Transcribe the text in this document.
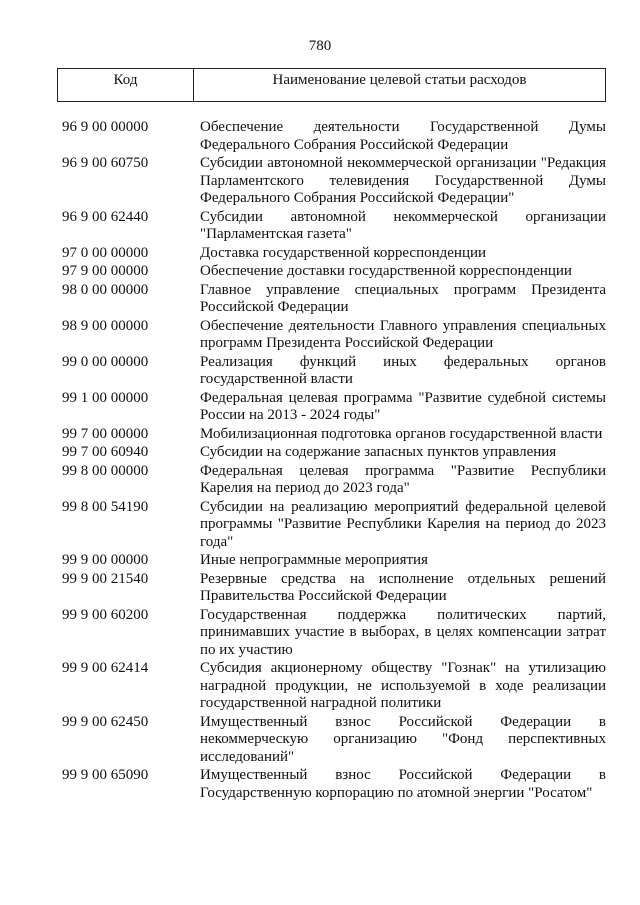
780
Код	Наименование целевой статьи расходов
96 9 00 00000	Обеспечение деятельности Государственной Думы Федерального Собрания Российской Федерации
96 9 00 60750	Субсидии автономной некоммерческой организации "Редакция Парламентского телевидения Государственной Думы Федерального Собрания Российской Федерации"
96 9 00 62440	Субсидии автономной некоммерческой организации "Парламентская газета"
97 0 00 00000	Доставка государственной корреспонденции
97 9 00 00000	Обеспечение доставки государственной корреспонденции
98 0 00 00000	Главное управление специальных программ Президента Российской Федерации
98 9 00 00000	Обеспечение деятельности Главного управления специальных программ Президента Российской Федерации
99 0 00 00000	Реализация функций иных федеральных органов государственной власти
99 1 00 00000	Федеральная целевая программа "Развитие судебной системы России на 2013 - 2024 годы"
99 7 00 00000	Мобилизационная подготовка органов государственной власти
99 7 00 60940	Субсидии на содержание запасных пунктов управления
99 8 00 00000	Федеральная целевая программа "Развитие Республики Карелия на период до 2023 года"
99 8 00 54190	Субсидии на реализацию мероприятий федеральной целевой программы "Развитие Республики Карелия на период до 2023 года"
99 9 00 00000	Иные непрограммные мероприятия
99 9 00 21540	Резервные средства на исполнение отдельных решений Правительства Российской Федерации
99 9 00 60200	Государственная поддержка политических партий, принимавших участие в выборах, в целях компенсации затрат по их участию
99 9 00 62414	Субсидия акционерному обществу "Гознак" на утилизацию наградной продукции, не используемой в ходе реализации государственной наградной политики
99 9 00 62450	Имущественный взнос Российской Федерации в некоммерческую организацию "Фонд перспективных исследований"
99 9 00 65090	Имущественный взнос Российской Федерации в Государственную корпорацию по атомной энергии "Росатом"
